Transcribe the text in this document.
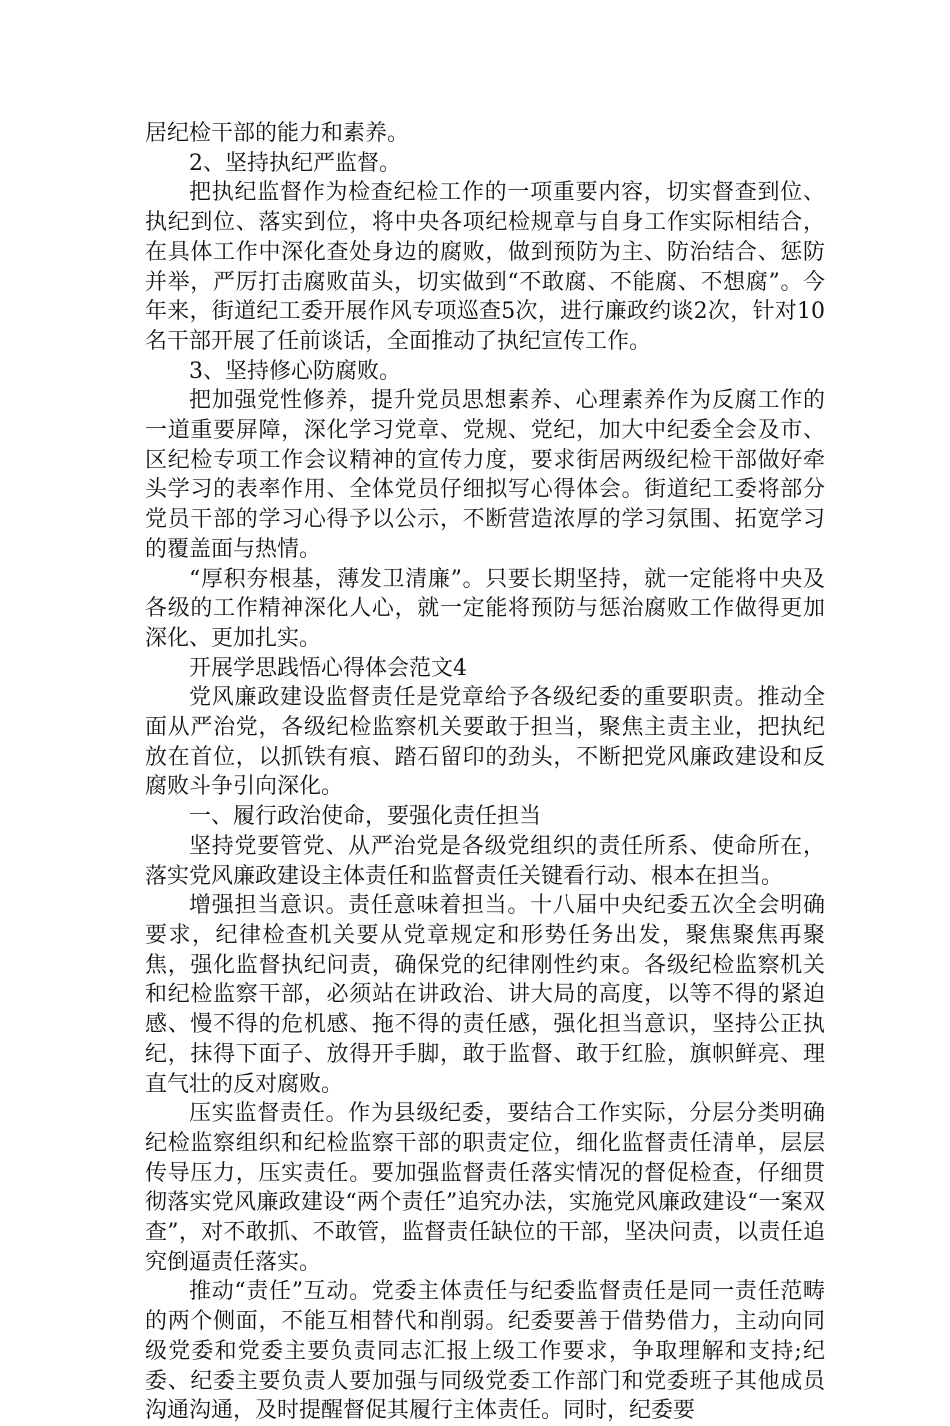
居纪检干部的能力和素养。

2、坚持执纪严监督。

把执纪监督作为检查纪检工作的一项重要内容，切实督查到位、执纪到位、落实到位，将中央各项纪检规章与自身工作实际相结合，在具体工作中深化查处身边的腐败，做到预防为主、防治结合、惩防并举，严厉打击腐败苗头，切实做到“不敢腐、不能腐、不想腐”。今年来，街道纪工委开展作风专项巡查5次，进行廉政约谈2次，针对10名干部开展了任前谈话，全面推动了执纪宣传工作。

3、坚持修心防腐败。

把加强党性修养，提升党员思想素养、心理素养作为反腐工作的一道重要屏障，深化学习党章、党规、党纪，加大中纪委全会及市、区纪检专项工作会议精神的宣传力度，要求街居两级纪检干部做好牵头学习的表率作用、全体党员仔细拟写心得体会。街道纪工委将部分党员干部的学习心得予以公示，不断营造浓厚的学习氛围、拓宽学习的覆盖面与热情。

“厚积夯根基，薄发卫清廉”。只要长期坚持，就一定能将中央及各级的工作精神深化人心，就一定能将预防与惩治腐败工作做得更加深化、更加扎实。

开展学思践悟心得体会范文4

党风廉政建设监督责任是党章给予各级纪委的重要职责。推动全面从严治党，各级纪检监察机关要敢于担当，聚焦主责主业，把执纪放在首位，以抓铁有痕、踏石留印的劲头，不断把党风廉政建设和反腐败斗争引向深化。

一、履行政治使命，要强化责任担当

坚持党要管党、从严治党是各级党组织的责任所系、使命所在，落实党风廉政建设主体责任和监督责任关键看行动、根本在担当。

增强担当意识。责任意味着担当。十八届中央纪委五次全会明确要求，纪律检查机关要从党章规定和形势任务出发，聚焦聚焦再聚焦，强化监督执纪问责，确保党的纪律刚性约束。各级纪检监察机关和纪检监察干部，必须站在讲政治、讲大局的高度，以等不得的紧迫感、慢不得的危机感、拖不得的责任感，强化担当意识，坚持公正执纪，抹得下面子、放得开手脚，敢于监督、敢于红脸，旗帜鲜亮、理直气壮的反对腐败。

压实监督责任。作为县级纪委，要结合工作实际，分层分类明确纪检监察组织和纪检监察干部的职责定位，细化监督责任清单，层层传导压力，压实责任。要加强监督责任落实情况的督促检查，仔细贯彻落实党风廉政建设“两个责任”追究办法，实施党风廉政建设“一案双查”，对不敢抓、不敢管，监督责任缺位的干部，坚决问责，以责任追究倒逼责任落实。

推动“责任”互动。党委主体责任与纪委监督责任是同一责任范畴的两个侧面，不能互相替代和削弱。纪委要善于借势借力，主动向同级党委和党委主要负责同志汇报上级工作要求，争取理解和支持;纪委、纪委主要负责人要加强与同级党委工作部门和党委班子其他成员沟通沟通，及时提醒督促其履行主体责任。同时，纪委要
